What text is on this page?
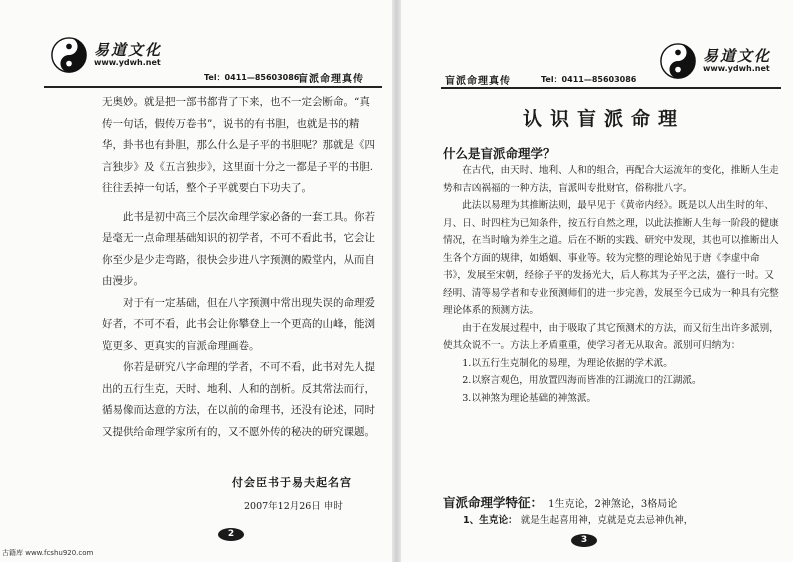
易道文化
www.ydwh.net
Tel：0411—85603086
盲派命理真传

无奥妙。就是把一部书都背了下来，也不一定会断命。“真传一句话，假传万卷书”，说书的有书胆，也就是书的精华，卦书也有卦胆，那么什么是子平的书胆呢？那就是《四言独步》及《五言独步》，这里面十分之一都是子平的书胆. 往往丢掉一句话，整个子平就要白下功夫了。

此书是初中高三个层次命理学家必备的一套工具。你若是毫无一点命理基础知识的初学者，不可不看此书，它会让你至少是少走弯路，很快会步进八字预测的殿堂内，从而自由漫步。

对于有一定基础，但在八字预测中常出现失误的命理爱好者，不可不看，此书会让你攀登上一个更高的山峰，能浏览更多、更真实的盲派命理画卷。

你若是研究八字命理的学者，不可不看，此书对先人提出的五行生克，天时、地利、人和的剖析。反其常法而行，循易像而达意的方法，在以前的命理书，还没有论述，同时又提供给命理学家所有的，又不愿外传的秘决的研究课题。

付会臣书于易夫起名宫
2007年12月26日 申时
2
古籍库 www.fcshu920.com
盲派命理真传	Tel：0411—85603086
易道文化
www.ydwh.net
认识盲派命理
什么是盲派命理学？

在古代，由天时、地利、人和的组合，再配合大运流年的变化，推断人生走势和吉凶祸福的一种方法，盲派叫专批财官，俗称批八字。

此法以易理为其推断法则，最早见于《黄帝内经》。既是以人出生时的年、月、日、时四柱为已知条件，按五行自然之理，以此法推断人生每一阶段的健康情况，在当时喻为养生之道。后在不断的实践、研究中发现，其也可以推断出人生各个方面的规律，如婚姻、事业等。较为完整的理论始见于唐《李虚中命书》，发展至宋朝，经徐子平的发扬光大，后人称其为子平之法，盛行一时。又经明、清等易学者和专业预测师们的进一步完善，发展至今已成为一种具有完整理论体系的预测方法。

由于在发展过程中，由于吸取了其它预测术的方法，而又衍生出许多派别，使其众说不一。方法上矛盾重重，使学习者无从取舍。派别可归纳为：

1.以五行生克制化的易理，为理论依据的学术派。

2.以察言观色，用放置四海而皆准的江湖流口的江湖派。

3.以神煞为理论基础的神煞派。

盲派命理学特征： 1生克论，2神煞论，3格局论
1、生克论： 就是生起喜用神，克就是克去忌神仇神，
3
